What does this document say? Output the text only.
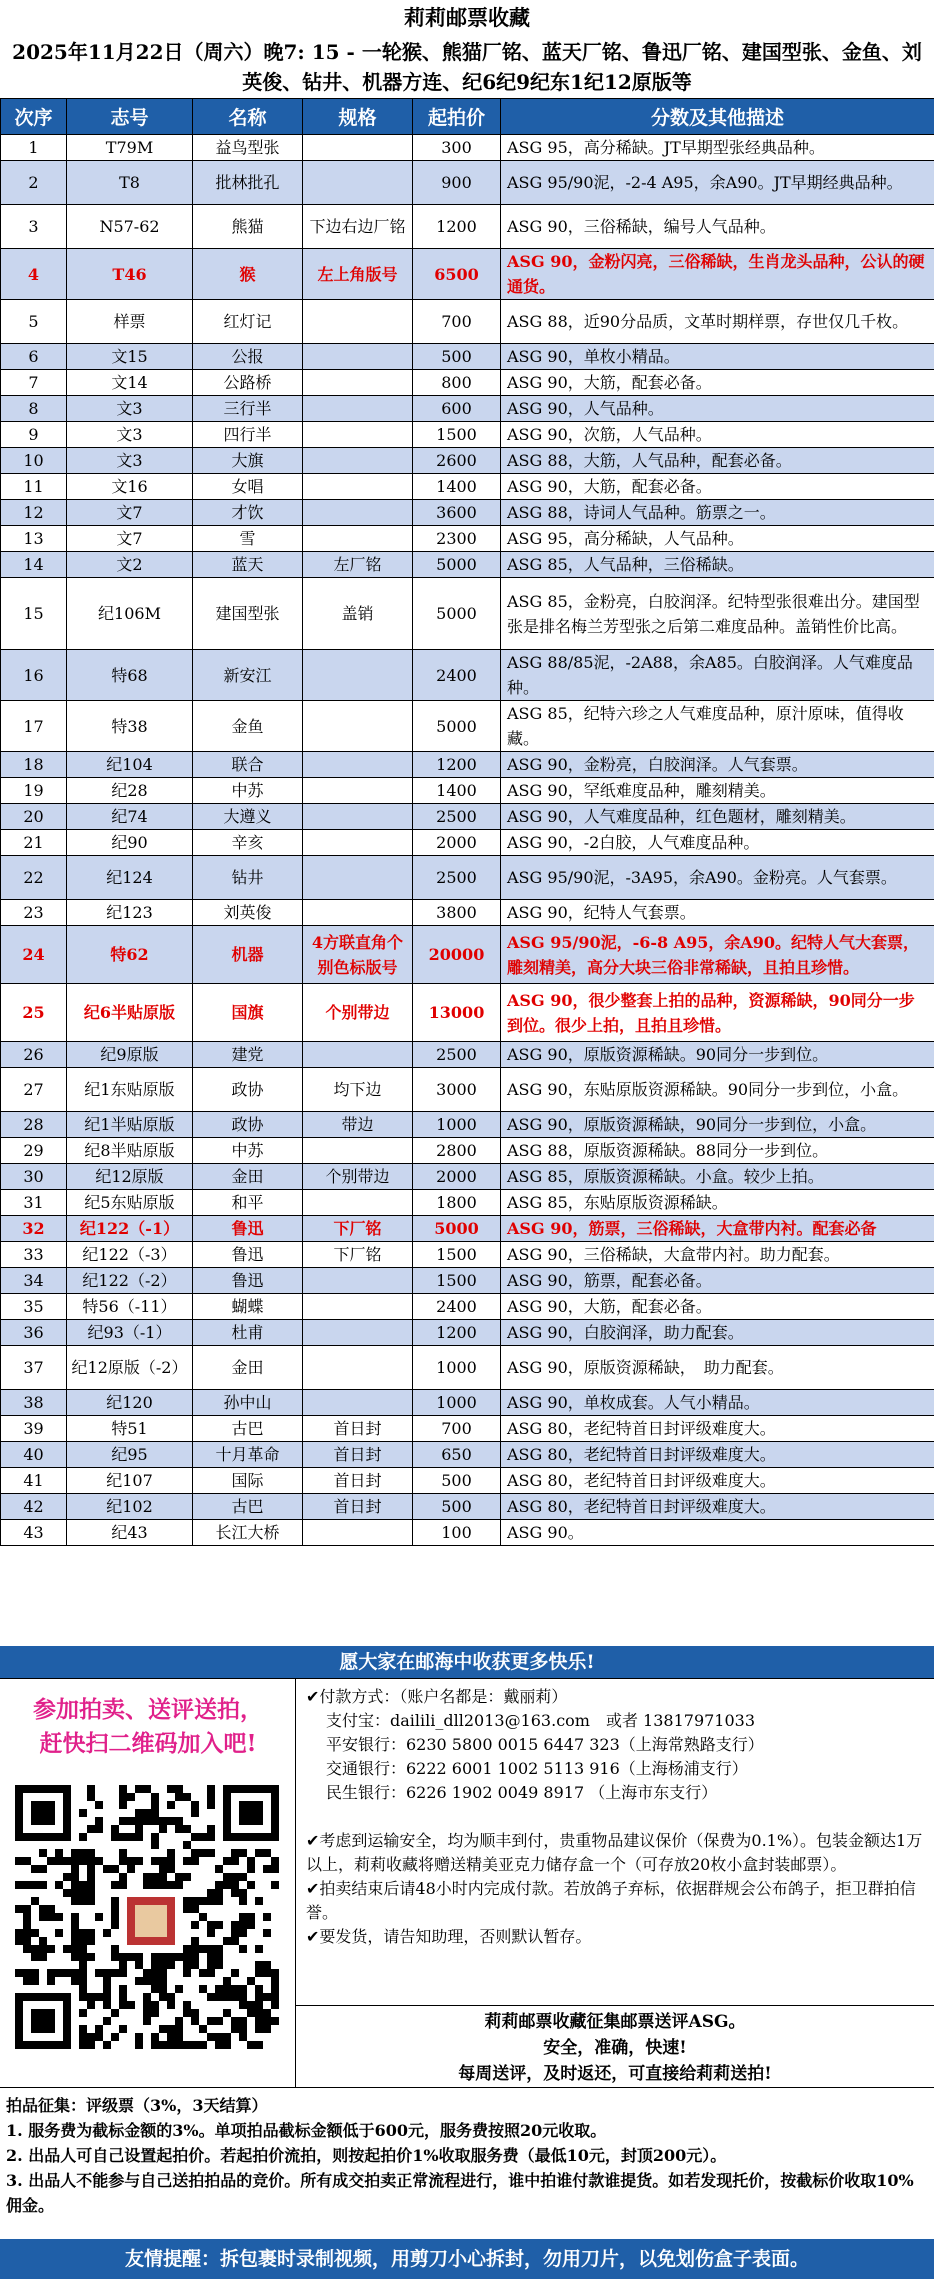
莉莉邮票收藏
2025年11月22日（周六）晚7: 15 - 一轮猴、熊猫厂铭、蓝天厂铭、鲁迅厂铭、建国型张、金鱼、刘英俊、钻井、机器方连、纪6纪9纪东1纪12原版等
次序	志号	名称	规格	起拍价	分数及其他描述
1	T79M	益鸟型张		300	ASG 95，高分稀缺。JT早期型张经典品种。
2	T8	批林批孔		900	ASG 95/90泥，-2-4 A95，余A90。JT早期经典品种。
3	N57-62	熊猫	下边右边厂铭	1200	ASG 90，三俗稀缺，编号人气品种。
4	T46	猴	左上角版号	6500	ASG 90，金粉闪亮，三俗稀缺，生肖龙头品种，公认的硬通货。
5	样票	红灯记		700	ASG 88，近90分品质，文革时期样票，存世仅几千枚。
6	文15	公报		500	ASG 90，单枚小精品。
7	文14	公路桥		800	ASG 90，大筋，配套必备。
8	文3	三行半		600	ASG 90，人气品种。
9	文3	四行半		1500	ASG 90，次筋，人气品种。
10	文3	大旗		2600	ASG 88，大筋，人气品种，配套必备。
11	文16	女唱		1400	ASG 90，大筋，配套必备。
12	文7	才饮		3600	ASG 88，诗词人气品种。筋票之一。
13	文7	雪		2300	ASG 95，高分稀缺，人气品种。
14	文2	蓝天	左厂铭	5000	ASG 85，人气品种，三俗稀缺。
15	纪106M	建国型张	盖销	5000	ASG 85，金粉亮，白胶润泽。纪特型张很难出分。建国型张是排名梅兰芳型张之后第二难度品种。盖销性价比高。
16	特68	新安江		2400	ASG 88/85泥，-2A88，余A85。白胶润泽。人气难度品种。
17	特38	金鱼		5000	ASG 85，纪特六珍之人气难度品种，原汁原味，值得收藏。
18	纪104	联合		1200	ASG 90，金粉亮，白胶润泽。人气套票。
19	纪28	中苏		1400	ASG 90，罕纸难度品种，雕刻精美。
20	纪74	大遵义		2500	ASG 90，人气难度品种，红色题材，雕刻精美。
21	纪90	辛亥		2000	ASG 90，-2白胶，人气难度品种。
22	纪124	钻井		2500	ASG 95/90泥，-3A95，余A90。金粉亮。人气套票。
23	纪123	刘英俊		3800	ASG 90，纪特人气套票。
24	特62	机器	4方联直角个别色标版号	20000	ASG 95/90泥，-6-8 A95，余A90。纪特人气大套票，雕刻精美，高分大块三俗非常稀缺，且拍且珍惜。
25	纪6半贴原版	国旗	个别带边	13000	ASG 90，很少整套上拍的品种，资源稀缺，90同分一步到位。很少上拍，且拍且珍惜。
26	纪9原版	建党		2500	ASG 90，原版资源稀缺。90同分一步到位。
27	纪1东贴原版	政协	均下边	3000	ASG 90，东贴原版资源稀缺。90同分一步到位，小盒。
28	纪1半贴原版	政协	带边	1000	ASG 90，原版资源稀缺，90同分一步到位，小盒。
29	纪8半贴原版	中苏		2800	ASG 88，原版资源稀缺。88同分一步到位。
30	纪12原版	金田	个别带边	2000	ASG 85，原版资源稀缺。小盒。较少上拍。
31	纪5东贴原版	和平		1800	ASG 85，东贴原版资源稀缺。
32	纪122（-1）	鲁迅	下厂铭	5000	ASG 90，筋票，三俗稀缺，大盒带内衬。配套必备
33	纪122（-3）	鲁迅	下厂铭	1500	ASG 90，三俗稀缺，大盒带内衬。助力配套。
34	纪122（-2）	鲁迅		1500	ASG 90，筋票，配套必备。
35	特56（-11）	蝴蝶		2400	ASG 90，大筋，配套必备。
36	纪93（-1）	杜甫		1200	ASG 90，白胶润泽，助力配套。
37	纪12原版（-2）	金田		1000	ASG 90，原版资源稀缺，　助力配套。
38	纪120	孙中山		1000	ASG 90，单枚成套。人气小精品。
39	特51	古巴	首日封	700	ASG 80，老纪特首日封评级难度大。
40	纪95	十月革命	首日封	650	ASG 80，老纪特首日封评级难度大。
41	纪107	国际	首日封	500	ASG 80，老纪特首日封评级难度大。
42	纪102	古巴	首日封	500	ASG 80，老纪特首日封评级难度大。
43	纪43	长江大桥		100	ASG 90。
愿大家在邮海中收获更多快乐!
参加拍卖、送评送拍，
赶快扫二维码加入吧!

✔付款方式：（账户名都是：戴丽莉）

支付宝：dailili_dll2013@163.com　或者 13817971033

平安银行：6230 5800 0015 6447 323（上海常熟路支行）

交通银行：6222 6001 1002 5113 916（上海杨浦支行）

民生银行：6226 1902 0049 8917 （上海市东支行）

✔考虑到运输安全，均为顺丰到付，贵重物品建议保价（保费为0.1%）。包装金额达1万以上，莉莉收藏将赠送精美亚克力储存盒一个（可存放20枚小盒封装邮票）。

✔拍卖结束后请48小时内完成付款。若放鸽子弃标，依据群规会公布鸽子，拒卫群拍信誉。

✔要发货，请告知助理，否则默认暂存。

莉莉邮票收藏征集邮票送评ASG。
安全，准确，快速!
每周送评，及时返还，可直接给莉莉送拍!
拍品征集：评级票（3%，3天结算）
1. 服务费为截标金额的3%。单项拍品截标金额低于600元，服务费按照20元收取。
2. 出品人可自己设置起拍价。若起拍价流拍，则按起拍价1%收取服务费（最低10元，封顶200元）。
3. 出品人不能参与自己送拍拍品的竞价。所有成交拍卖正常流程进行，谁中拍谁付款谁提货。如若发现托价，按截标价收取10%佣金。
友情提醒：拆包裹时录制视频，用剪刀小心拆封，勿用刀片，以免划伤盒子表面。
